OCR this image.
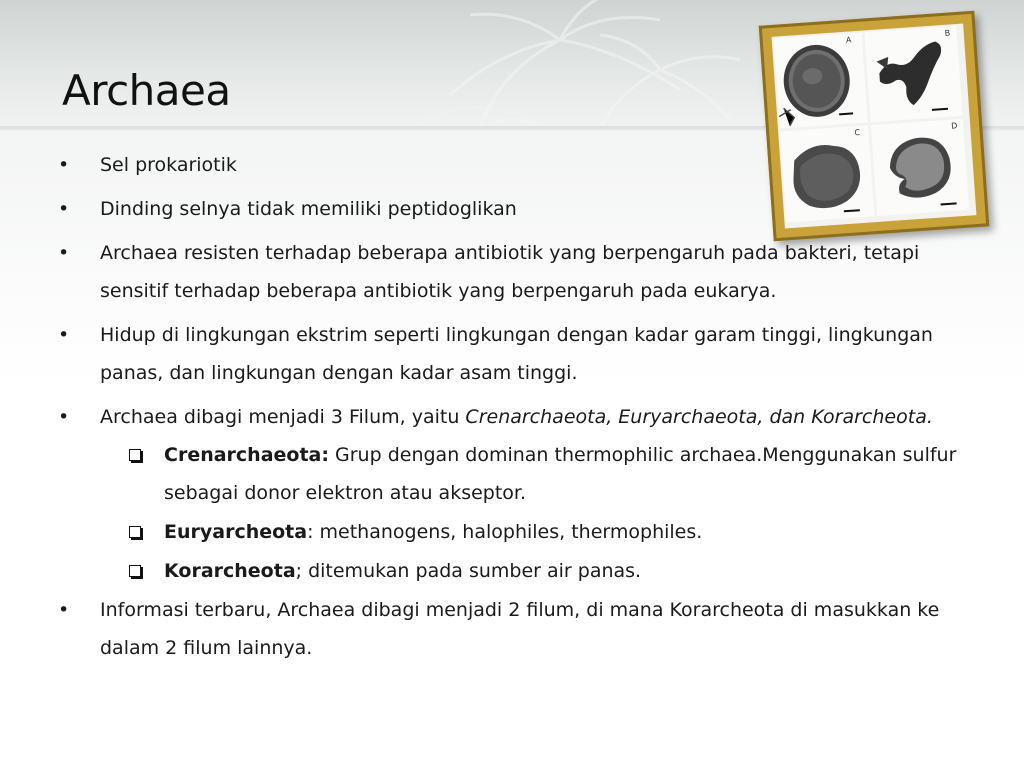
Archaea
A
B
C
D
• Sel prokariotik
• Dinding selnya tidak memiliki peptidoglikan
• Archaea resisten terhadap beberapa antibiotik yang berpengaruh pada bakteri, tetapi sensitif terhadap beberapa antibiotik yang berpengaruh pada eukarya.
• Hidup di lingkungan ekstrim seperti lingkungan dengan kadar garam tinggi, lingkungan panas, dan lingkungan dengan kadar asam tinggi.
• Archaea dibagi menjadi 3 Filum, yaitu Crenarchaeota, Euryarchaeota, dan Korarcheota.
Crenarchaeota: Grup dengan dominan thermophilic archaea.Menggunakan sulfur sebagai donor elektron atau akseptor.
Euryarcheota: methanogens, halophiles, thermophiles.
Korarcheota; ditemukan pada sumber air panas.
• Informasi terbaru, Archaea dibagi menjadi 2 filum, di mana Korarcheota di masukkan ke dalam 2 filum lainnya.
